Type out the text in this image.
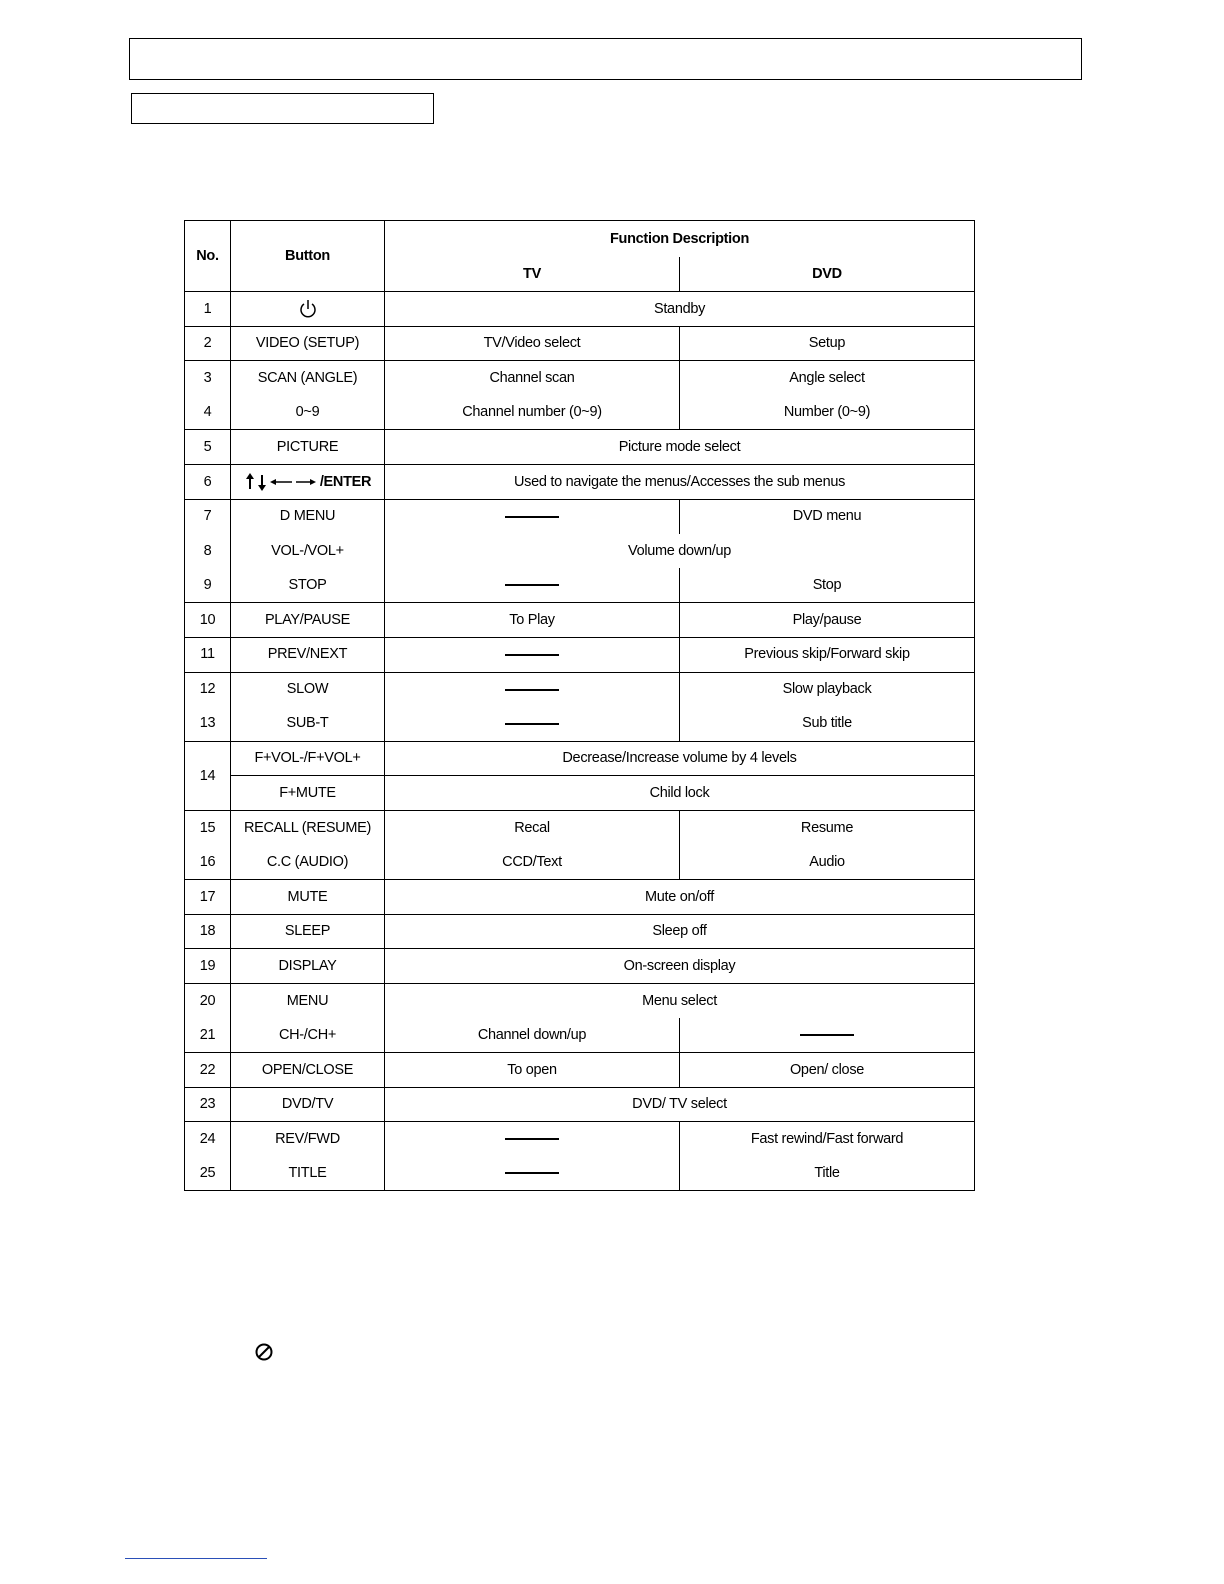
No.	Button	Function Description	
		TV	DVD
1		Standby	
2	VIDEO (SETUP)	TV/Video select	Setup
3	SCAN (ANGLE)	Channel scan	Angle select
4	0~9	Channel number (0~9)	Number (0~9)
5	PICTURE	Picture mode select	
6	/ENTER	Used to navigate the menus/Accesses the sub menus	
7	D MENU		DVD menu
8	VOL-/VOL+	Volume down/up	
9	STOP		Stop
10	PLAY/PAUSE	To Play	Play/pause
11	PREV/NEXT		Previous skip/Forward skip
12	SLOW		Slow playback
13	SUB-T		Sub title
14	F+VOL-/F+VOL+	Decrease/Increase volume by 4 levels	
	F+MUTE	Child lock	
15	RECALL (RESUME)	Recal	Resume
16	C.C (AUDIO)	CCD/Text	Audio
17	MUTE	Mute on/off	
18	SLEEP	Sleep off	
19	DISPLAY	On-screen display	
20	MENU	Menu select	
21	CH-/CH+	Channel down/up	
22	OPEN/CLOSE	To open	Open/ close
23	DVD/TV	DVD/ TV select	
24	REV/FWD		Fast rewind/Fast forward
25	TITLE		Title
